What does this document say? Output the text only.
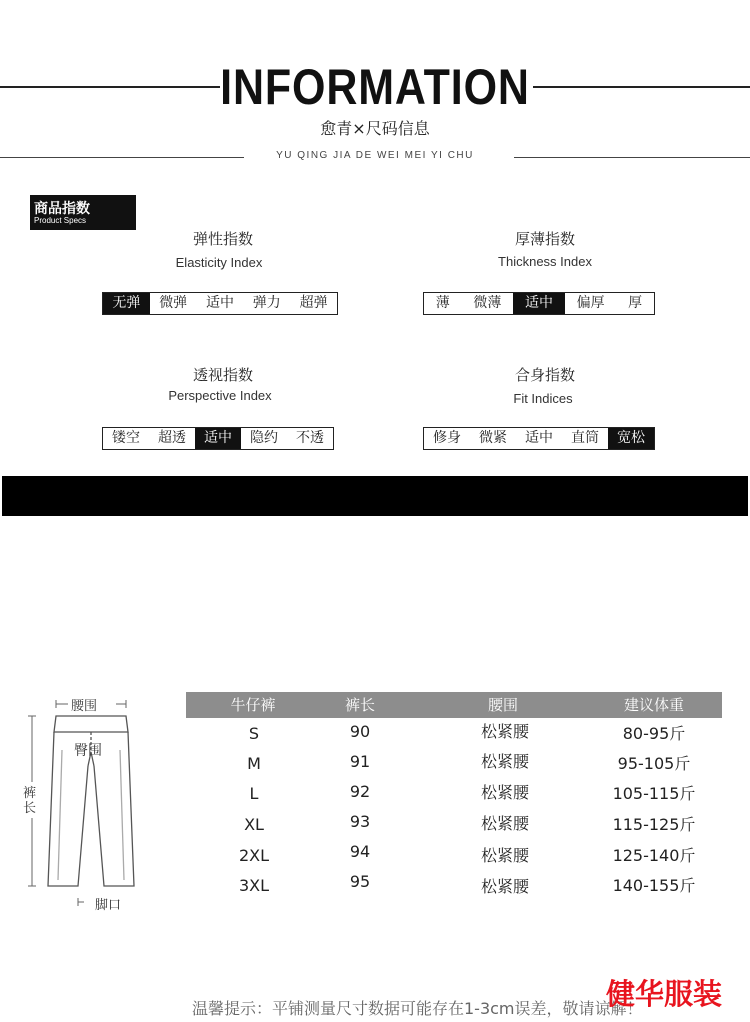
INFORMATION
愈青×尺码信息
YU QING JIA DE WEI MEI YI CHU
商品指数
Product Specs
弹性指数
Elasticity Index
无弹	微弹	适中	弹力	超弹
厚薄指数
Thickness Index
薄	微薄	适中	偏厚	厚
透视指数
Perspective Index
镂空	超透	适中	隐约	不透
合身指数
Fit Indices
修身	微紧	适中	直筒	宽松
腰围
臀围
裤长
脚口
牛仔裤	裤长	腰围	建议体重
S	90	松紧腰	80-95斤
M	91	松紧腰	95-105斤
L	92	松紧腰	105-115斤
XL	93	松紧腰	115-125斤
2XL	94	松紧腰	125-140斤
3XL	95	松紧腰	140-155斤
温馨提示：平铺测量尺寸数据可能存在1-3cm误差，敬请谅解！
健华服装
